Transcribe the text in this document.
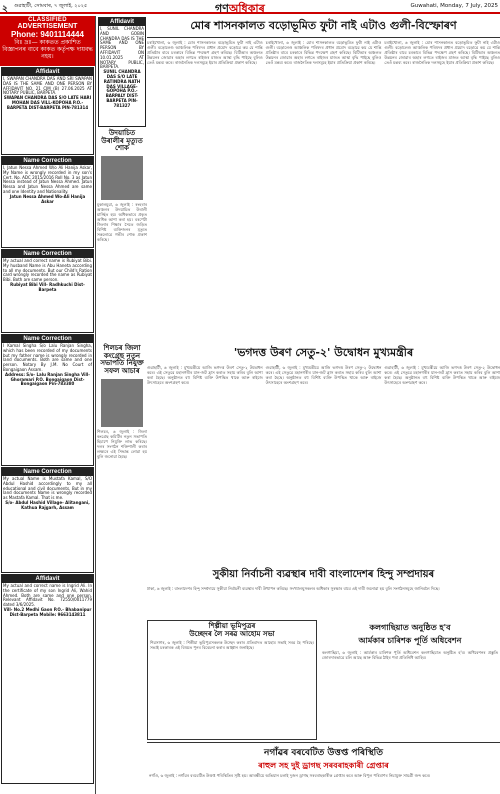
২ গুৱাহাটী, সোমবাৰ, ৭ জুলাই, ২০২৫	গণঅধিকাৰ	Guwahati, Monday, 7 July, 2025
CLASSIFIED
ADVERTISEMENT
Phone: 9401114444
বিঃ দ্ৰঃ— কাকতত প্ৰকাশিত
বিজ্ঞাপনৰ বাবে কাকত কৰ্তৃপক্ষ দায়বদ্ধ নহয়।
Affidavit
I, SWAPAN CHANDRA DAS AND SRI SWAPAN DAS IS THE SAME AND ONE PERSON BY AFFIDAVIT NO. 21 CJM (B) 27.06.2025 AT NOTARY PUBLIC, BARPETA.
SWAPAN CHANDRA DAS S/O LATE HARI MOHAN DAS VILL-KOPOHA P.O.-BARPETA DIST-BARPETA PIN-781314
Name Correction
I, Jatun Nessa Ahmed W/o Ali Hanija Askar, My Name is wrongly recorded in my son's Cert. No. ADC 2015/2016 Roll No. 3 as Jatun Nessa instead of Jatun Nessa Ahmed. Jatun Nessa and Jatun Nessa Ahmed are same and one Identity and Nationality.
Jatun Nessa Ahmed Wo-Ali Hanija Askar
Name Correction
My actual and correct name is Rubiyat Bibi. My husband Name is Abu Haneta according to all my documents. But our Child's Ration card wrongly recorded the name as Rubiyat Bibi. Both are same person.
Rubiyat Bibi Vill- Radhkuchi Dist- Barpeta
Name Correction
I Kamal Singha S/o Lalu Ranjan Singha, which has been recorded of my documents but my father name is wrongly recorded in land documents. Both are same and one person. Notary By J.M. No Court of Bongaigaon Assam.
Address: S/o- Lalu Ranjan Singha Vill- Ghoramari P.O. Bongaigaon Dist-Bongaigaon Pin-783380
Name Correction
My actual Name is Mustafa Kamal, S/O Abdul Hashid accordingly to my all educational and civil documents. But in my land documents Name is wrongly recorded as Mastafa Kamal. That is me.
S/o- Abdul Hashid Village- Alitangani, Kathua Rajgarh, Assam
Affidavit
My actual and correct name is Ingrid Ali. In the certificate of my son Ingrid Ali, Wahid Ahmed. Both are same and one person. Relevant Affidavit No. 72550/0011779 dated 3/6/2025.
Vill- No.2 Medhi Gaon P.O.- Bhabanipur Dist-Barpeta Mobile: 9663143811
Affidavit
I, SUNIL CHANDRA AND GOBIN CHANDRA DAS IS THE SAME AND ONE PERSON BY AFFIDAVIT ON 10.01.2025 AT NOTARY PUBLIC, BARPETA.
SUNIL CHANDRA DAS S/O LATE RATINDRA NATH DAS VILLAGE- GOPOHA P.O.- BARPALY DIST-BARPETA PIN-781327
উদয়াচিত উৰালীৰ মৃত্যুত শোক
মুকালমুৱা, ৬ জুলাই : ৰংহৰাৰ অঞ্চলৰ উদয়াচিত উৰালী মাৰ্চ্ছিত হয়। অধিকভাবে প্ৰকৃত অধিক আশা কৰা হয়। বৰপেটা জিলাৰ শিক্ষাৰ সৈতে জড়িত বিশিষ্ট ব্যক্তিজনৰ মৃত্যুত সকলোৱে গভীৰ শোক প্ৰকাশ কৰিছে।
শিলচৰ জিলা কংগ্ৰেছ নতুন সভাপতি নিযুক্ত সফল আচাৰ
শিলচৰ, ৬ জুলাই : জিলা কংগ্ৰেছ কমিটিৰ নতুন সভাপতি হিচাপে নিযুক্তি লাভ কৰিছে। দলৰ সংগঠন শক্তিশালী কৰাৰ লক্ষ্যৰে এই সিদ্ধান্ত লোৱা হয় বুলি জনোৱা হৈছে।
মোৰ শাসনকালত বড়োভূমিত ফুটা নাই এটাও গুলী-বিস্ফোৰণ
চৰাইখোলা, ৬ জুলাই : মোৰ শাসনকালত বড়োভূমিত ফুটা নাই এটাও গুলী। বড়োলেণ্ড আঞ্চলিক পৰিষদৰ প্ৰধান প্ৰমোদ বড়োৱে কয় যে শান্তি প্ৰতিষ্ঠাৰ বাবে চৰকাৰে বিভিন্ন পদক্ষেপ গ্ৰহণ কৰিছে। বিটিআৰ অঞ্চলত উন্নয়নৰ জোৱাৰ অহাৰ লগতে ৰাইজৰ মাজত আস্থা বৃদ্ধি পাইছে বুলিও তেওঁ মন্তব্য কৰে। ৰাজনৈতিক দলসমূহে ইয়াৰ প্ৰতিক্ৰিয়া প্ৰকাশ কৰিছে।
চৰাইখোলা, ৬ জুলাই : মোৰ শাসনকালত বড়োভূমিত ফুটা নাই এটাও গুলী। বড়োলেণ্ড আঞ্চলিক পৰিষদৰ প্ৰধান প্ৰমোদ বড়োৱে কয় যে শান্তি প্ৰতিষ্ঠাৰ বাবে চৰকাৰে বিভিন্ন পদক্ষেপ গ্ৰহণ কৰিছে। বিটিআৰ অঞ্চলত উন্নয়নৰ জোৱাৰ অহাৰ লগতে ৰাইজৰ মাজত আস্থা বৃদ্ধি পাইছে বুলিও তেওঁ মন্তব্য কৰে। ৰাজনৈতিক দলসমূহে ইয়াৰ প্ৰতিক্ৰিয়া প্ৰকাশ কৰিছে।
চৰাইখোলা, ৬ জুলাই : মোৰ শাসনকালত বড়োভূমিত ফুটা নাই এটাও গুলী। বড়োলেণ্ড আঞ্চলিক পৰিষদৰ প্ৰধান প্ৰমোদ বড়োৱে কয় যে শান্তি প্ৰতিষ্ঠাৰ বাবে চৰকাৰে বিভিন্ন পদক্ষেপ গ্ৰহণ কৰিছে। বিটিআৰ অঞ্চলত উন্নয়নৰ জোৱাৰ অহাৰ লগতে ৰাইজৰ মাজত আস্থা বৃদ্ধি পাইছে বুলিও তেওঁ মন্তব্য কৰে। ৰাজনৈতিক দলসমূহে ইয়াৰ প্ৰতিক্ৰিয়া প্ৰকাশ কৰিছে।
'ভগদত্ত উৰণ সেতু-২' উদ্বোধন মুখ্যমন্ত্ৰীৰ
গুৱাহাটী, ৬ জুলাই : মুখ্যমন্ত্ৰীয়ে আজি ভগদত্ত উৰণ সেতু-২ উদ্বোধন কৰে। এই সেতুৱে মহানগৰীৰ যান-জট হ্ৰাস কৰাত সহায় কৰিব বুলি আশা কৰা হৈছে। অনুষ্ঠানত বহু বিশিষ্ট ব্যক্তি উপস্থিত থাকে আৰু ৰাইজে উৎসাহেৰে অংশগ্ৰহণ কৰে।
গুৱাহাটী, ৬ জুলাই : মুখ্যমন্ত্ৰীয়ে আজি ভগদত্ত উৰণ সেতু-২ উদ্বোধন কৰে। এই সেতুৱে মহানগৰীৰ যান-জট হ্ৰাস কৰাত সহায় কৰিব বুলি আশা কৰা হৈছে। অনুষ্ঠানত বহু বিশিষ্ট ব্যক্তি উপস্থিত থাকে আৰু ৰাইজে উৎসাহেৰে অংশগ্ৰহণ কৰে।
গুৱাহাটী, ৬ জুলাই : মুখ্যমন্ত্ৰীয়ে আজি ভগদত্ত উৰণ সেতু-২ উদ্বোধন কৰে। এই সেতুৱে মহানগৰীৰ যান-জট হ্ৰাস কৰাত সহায় কৰিব বুলি আশা কৰা হৈছে। অনুষ্ঠানত বহু বিশিষ্ট ব্যক্তি উপস্থিত থাকে আৰু ৰাইজে উৎসাহেৰে অংশগ্ৰহণ কৰে।
সুকীয়া নিৰ্বাচনী ব্যৱস্থাৰ দাবী বাংলাদেশৰ হিন্দু সম্প্ৰদায়ৰ
ঢাকা, ৬ জুলাই : বাংলাদেশৰ হিন্দু সম্প্ৰদায়ে সুকীয়া নিৰ্বাচনী ব্যৱস্থাৰ দাবী উত্থাপন কৰিছে। সংখ্যালঘুসকলৰ অধিকাৰ সুৰক্ষাৰ বাবে এই দাবী জনোৱা হয় বুলি সংগঠনসমূহে জানিবলৈ দিছে।
শিল্পীয়া ভূমিপুত্ৰৰ
উচ্ছেদৰ লৈ সৰৱ আহোম সভা
শিৱসাগৰ, ৬ জুলাই : শিল্পীয়া ভূমিপুত্ৰসকলক উচ্ছেদ কৰাৰ প্ৰতিবাদত আহোম সভাই সৰৱ হৈ পৰিছে। সভাই চৰকাৰক এই বিষয়ত পুনৰ বিবেচনা কৰাৰ আহ্বান জনাইছে।
কলগাছিয়াত অনুষ্ঠিত হ'ব
আৰ্মকাৰ চাৰিশক পূৰ্তি অধিবেশন
কলগাছিয়া, ৬ জুলাই : আৰ্মকাৰ চাৰিশক পূৰ্তি অধিবেশন কলগাছিয়াত অনুষ্ঠিত হ'ব। অধিবেশনৰ প্ৰস্তুতি জোৰদাৰভাৱে চলি আছে আৰু বিভিন্ন ঠাইৰ পৰা প্ৰতিনিধি আহিব।
নগাঁৱৰ বৰবেটিত উত্তপ্ত পৰিস্থিতি
ৰাহুল সহ দুই ড্ৰাগছ সৰবৰাহকাৰী গ্ৰেপ্তাৰ
নগাঁও, ৬ জুলাই : নগাঁৱৰ বৰবেটিত উত্তপ্ত পৰিস্থিতিৰ সৃষ্টি হয়। আৰক্ষীয়ে অভিযান চলাই দুজন ড্ৰাগছ সৰবৰাহকাৰীক গ্ৰেপ্তাৰ কৰে আৰু বিপুল পৰিমাণৰ নিচাযুক্ত সামগ্ৰী জব্দ কৰে।
